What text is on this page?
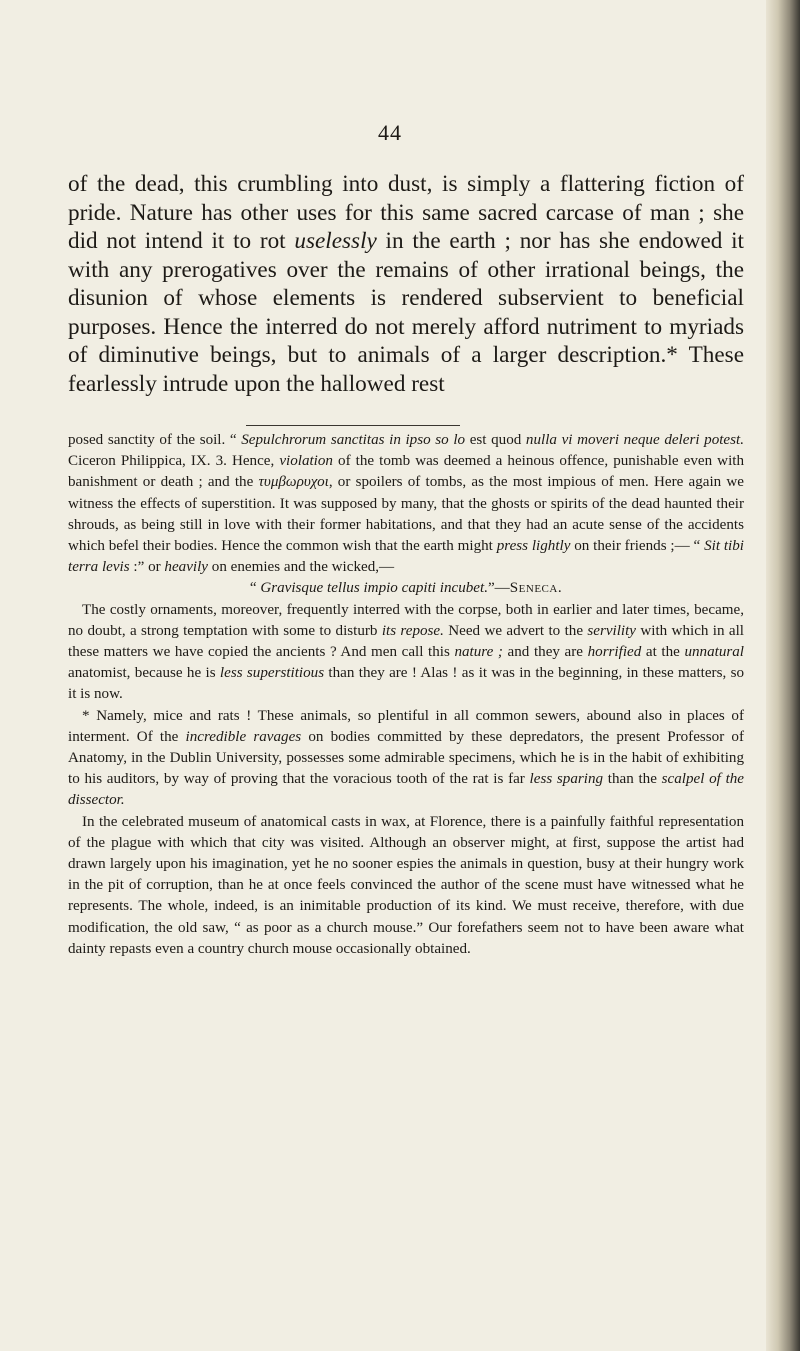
44

of the dead, this crumbling into dust, is simply a flattering fiction of pride. Nature has other uses for this same sacred carcase of man ; she did not intend it to rot uselessly in the earth ; nor has she endowed it with any prerogatives over the remains of other irrational beings, the disunion of whose elements is rendered subservient to beneficial purposes. Hence the interred do not merely afford nutriment to myriads of diminutive beings, but to animals of a larger description.* These fearlessly intrude upon the hallowed rest

posed sanctity of the soil. “ Sepulchrorum sanctitas in ipso so lo est quod nulla vi moveri neque deleri potest. Ciceron Philippica, IX. 3. Hence, violation of the tomb was deemed a heinous offence, punishable even with banishment or death ; and the τυμβωρυχοι, or spoilers of tombs, as the most impious of men. Here again we witness the effects of superstition. It was supposed by many, that the ghosts or spirits of the dead haunted their shrouds, as being still in love with their former habitations, and that they had an acute sense of the accidents which befel their bodies. Hence the common wish that the earth might press lightly on their friends ;— “ Sit tibi terra levis :” or heavily on enemies and the wicked,—

“ Gravisque tellus impio capiti incubet.”—Seneca.

The costly ornaments, moreover, frequently interred with the corpse, both in earlier and later times, became, no doubt, a strong temptation with some to disturb its repose. Need we advert to the servility with which in all these matters we have copied the ancients ? And men call this nature ; and they are horrified at the unnatural anatomist, because he is less superstitious than they are ! Alas ! as it was in the beginning, in these matters, so it is now.

* Namely, mice and rats ! These animals, so plentiful in all common sewers, abound also in places of interment. Of the incredible ravages on bodies committed by these depredators, the present Professor of Anatomy, in the Dublin University, possesses some admirable specimens, which he is in the habit of exhibiting to his auditors, by way of proving that the voracious tooth of the rat is far less sparing than the scalpel of the dissector.

In the celebrated museum of anatomical casts in wax, at Florence, there is a painfully faithful representation of the plague with which that city was visited. Although an observer might, at first, suppose the artist had drawn largely upon his imagination, yet he no sooner espies the animals in question, busy at their hungry work in the pit of corruption, than he at once feels convinced the author of the scene must have witnessed what he represents. The whole, indeed, is an inimitable production of its kind. We must receive, therefore, with due modification, the old saw, “ as poor as a church mouse.” Our forefathers seem not to have been aware what dainty repasts even a country church mouse occasionally obtained.
